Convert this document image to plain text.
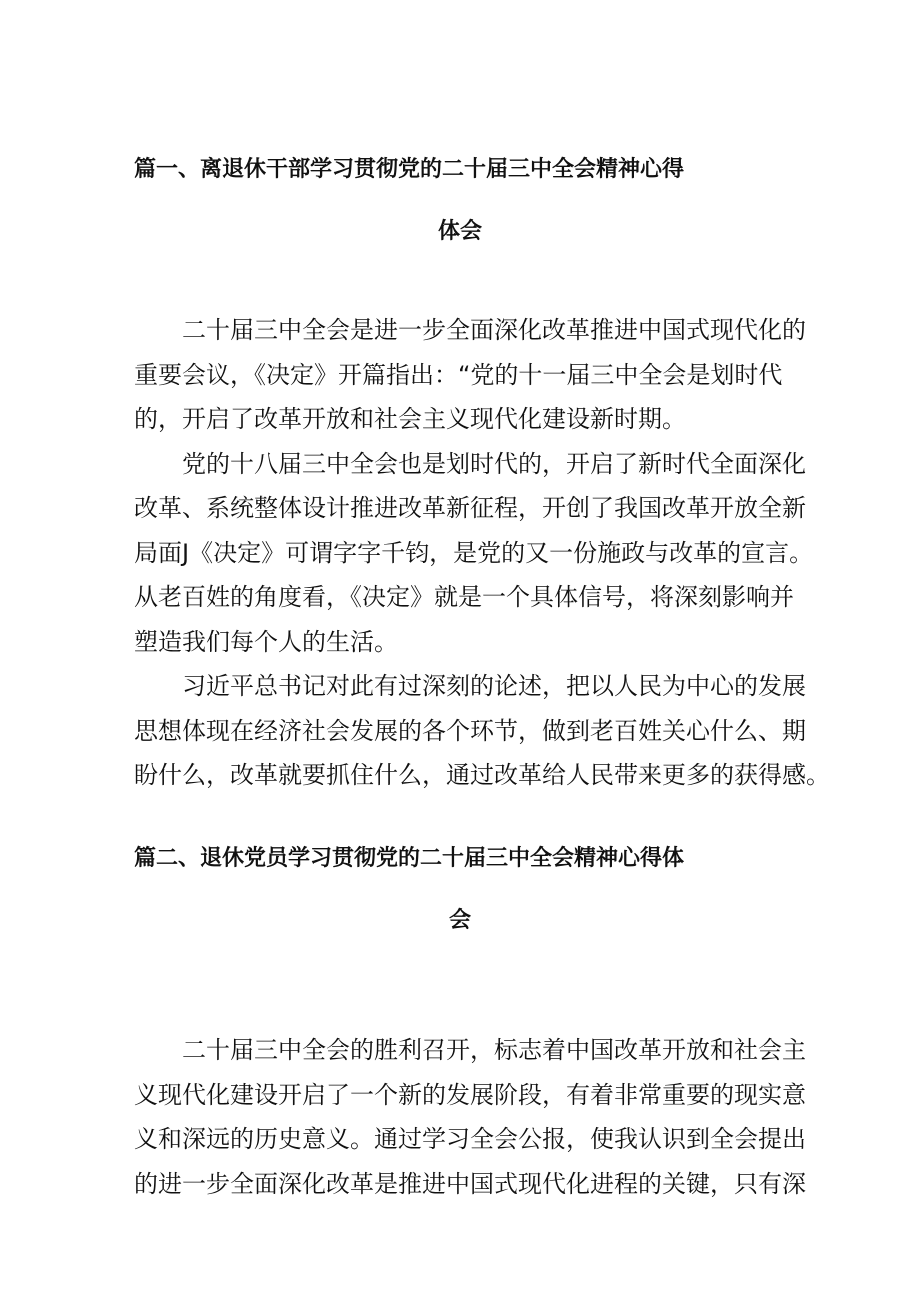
篇一、离退休干部学习贯彻党的二十届三中全会精神心得
体会

二十届三中全会是进一步全面深化改革推进中国式现代化的
重要会议，《决定》开篇指出：“党的十一届三中全会是划时代
的，开启了改革开放和社会主义现代化建设新时期。

党的十八届三中全会也是划时代的，开启了新时代全面深化
改革、系统整体设计推进改革新征程，开创了我国改革开放全新
局面J《决定》可谓字字千钧，是党的又一份施政与改革的宣言。
从老百姓的角度看，《决定》就是一个具体信号，将深刻影响并
塑造我们每个人的生活。

习近平总书记对此有过深刻的论述，把以人民为中心的发展
思想体现在经济社会发展的各个环节，做到老百姓关心什么、期
盼什么，改革就要抓住什么，通过改革给人民带来更多的获得感。

篇二、退休党员学习贯彻党的二十届三中全会精神心得体
会

二十届三中全会的胜利召开，标志着中国改革开放和社会主
义现代化建设开启了一个新的发展阶段，有着非常重要的现实意
义和深远的历史意义。通过学习全会公报，使我认识到全会提出
的进一步全面深化改革是推进中国式现代化进程的关键，只有深
